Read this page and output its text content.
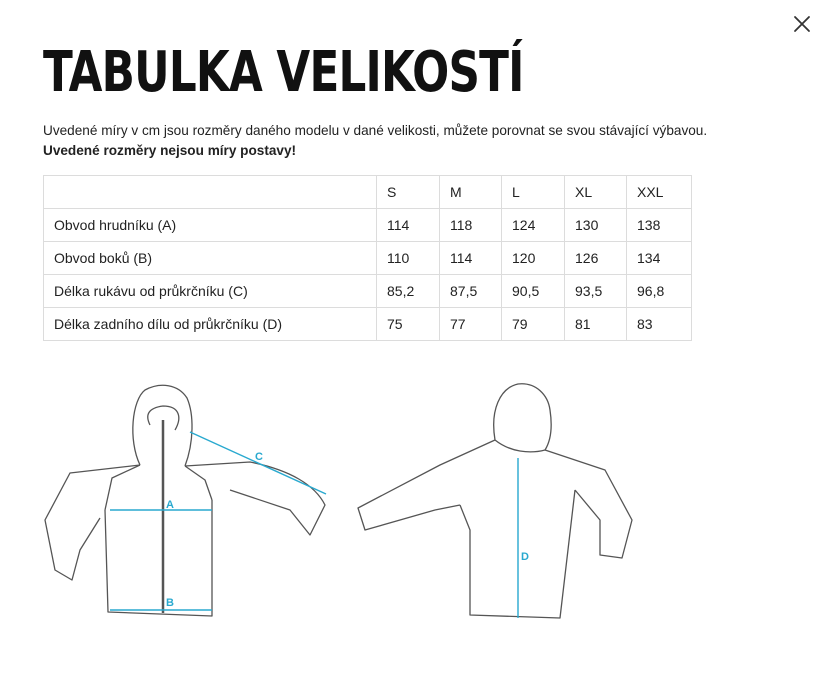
TABULKA VELIKOSTÍ
Uvedené míry v cm jsou rozměry daného modelu v dané velikosti, můžete porovnat se svou stávající výbavou.
Uvedené rozměry nejsou míry postavy!
	S	M	L	XL	XXL
Obvod hrudníku (A)	114	118	124	130	138
Obvod boků (B)	110	114	120	126	134
Délka rukávu od průkrčníku (C)	85,2	87,5	90,5	93,5	96,8
Délka zadního dílu od průkrčníku (D)	75	77	79	81	83
A
B
C
D
